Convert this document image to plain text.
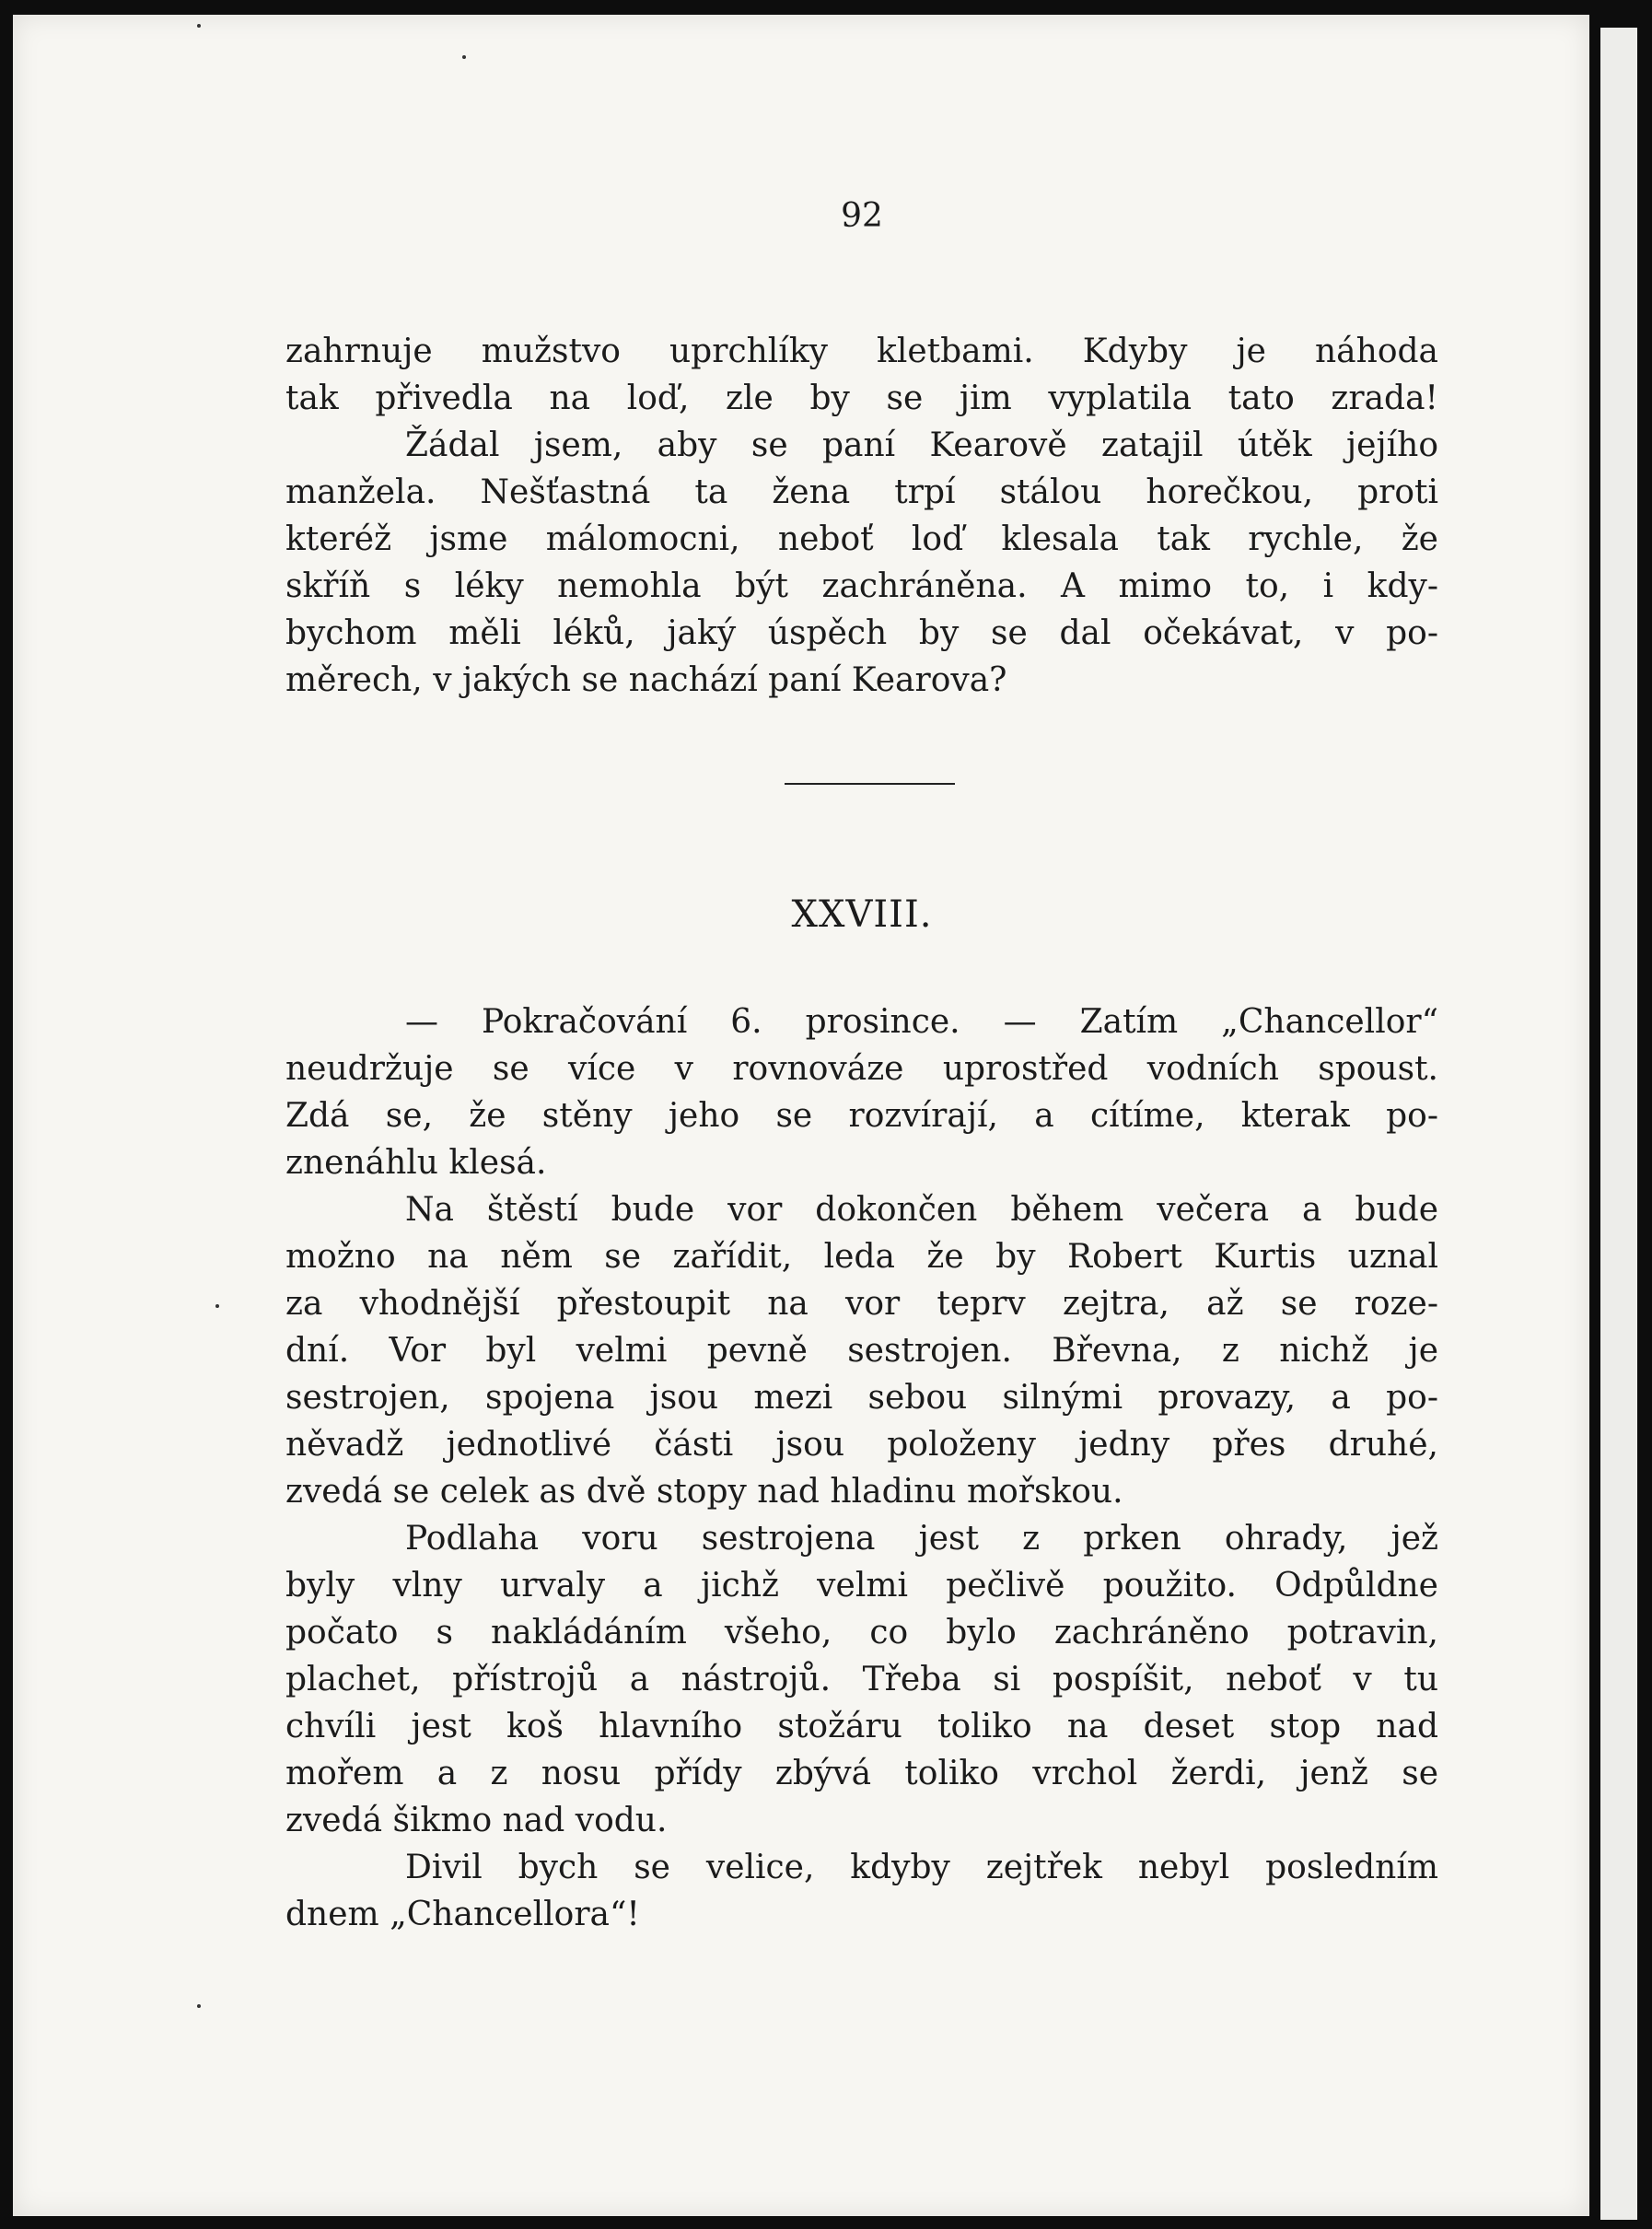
92
zahrnuje mužstvo uprchlíky kletbami. Kdyby je náhoda
tak přivedla na loď, zle by se jim vyplatila tato zrada!
Žádal jsem, aby se paní Kearově zatajil útěk jejího
manžela. Nešťastná ta žena trpí stálou horečkou, proti
kteréž jsme málomocni, neboť loď klesala tak rychle, že
skříň s léky nemohla být zachráněna. A mimo to, i kdy-
bychom měli léků, jaký úspěch by se dal očekávat, v po-
měrech, v jakých se nachází paní Kearova?
XXVIII.
— Pokračování 6. prosince. — Zatím „Chancellor“
neudržuje se více v rovnováze uprostřed vodních spoust.
Zdá se, že stěny jeho se rozvírají, a cítíme, kterak po-
znenáhlu klesá.
Na štěstí bude vor dokončen během večera a bude
možno na něm se zařídit, leda že by Robert Kurtis uznal
za vhodnější přestoupit na vor teprv zejtra, až se roze-
dní. Vor byl velmi pevně sestrojen. Břevna, z nichž je
sestrojen, spojena jsou mezi sebou silnými provazy, a po-
něvadž jednotlivé části jsou položeny jedny přes druhé,
zvedá se celek as dvě stopy nad hladinu mořskou.
Podlaha voru sestrojena jest z prken ohrady, jež
byly vlny urvaly a jichž velmi pečlivě použito. Odpůldne
počato s nakládáním všeho, co bylo zachráněno potravin,
plachet, přístrojů a nástrojů. Třeba si pospíšit, neboť v tu
chvíli jest koš hlavního stožáru toliko na deset stop nad
mořem a z nosu přídy zbývá toliko vrchol žerdi, jenž se
zvedá šikmo nad vodu.
Divil bych se velice, kdyby zejtřek nebyl posledním
dnem „Chancellora“!
